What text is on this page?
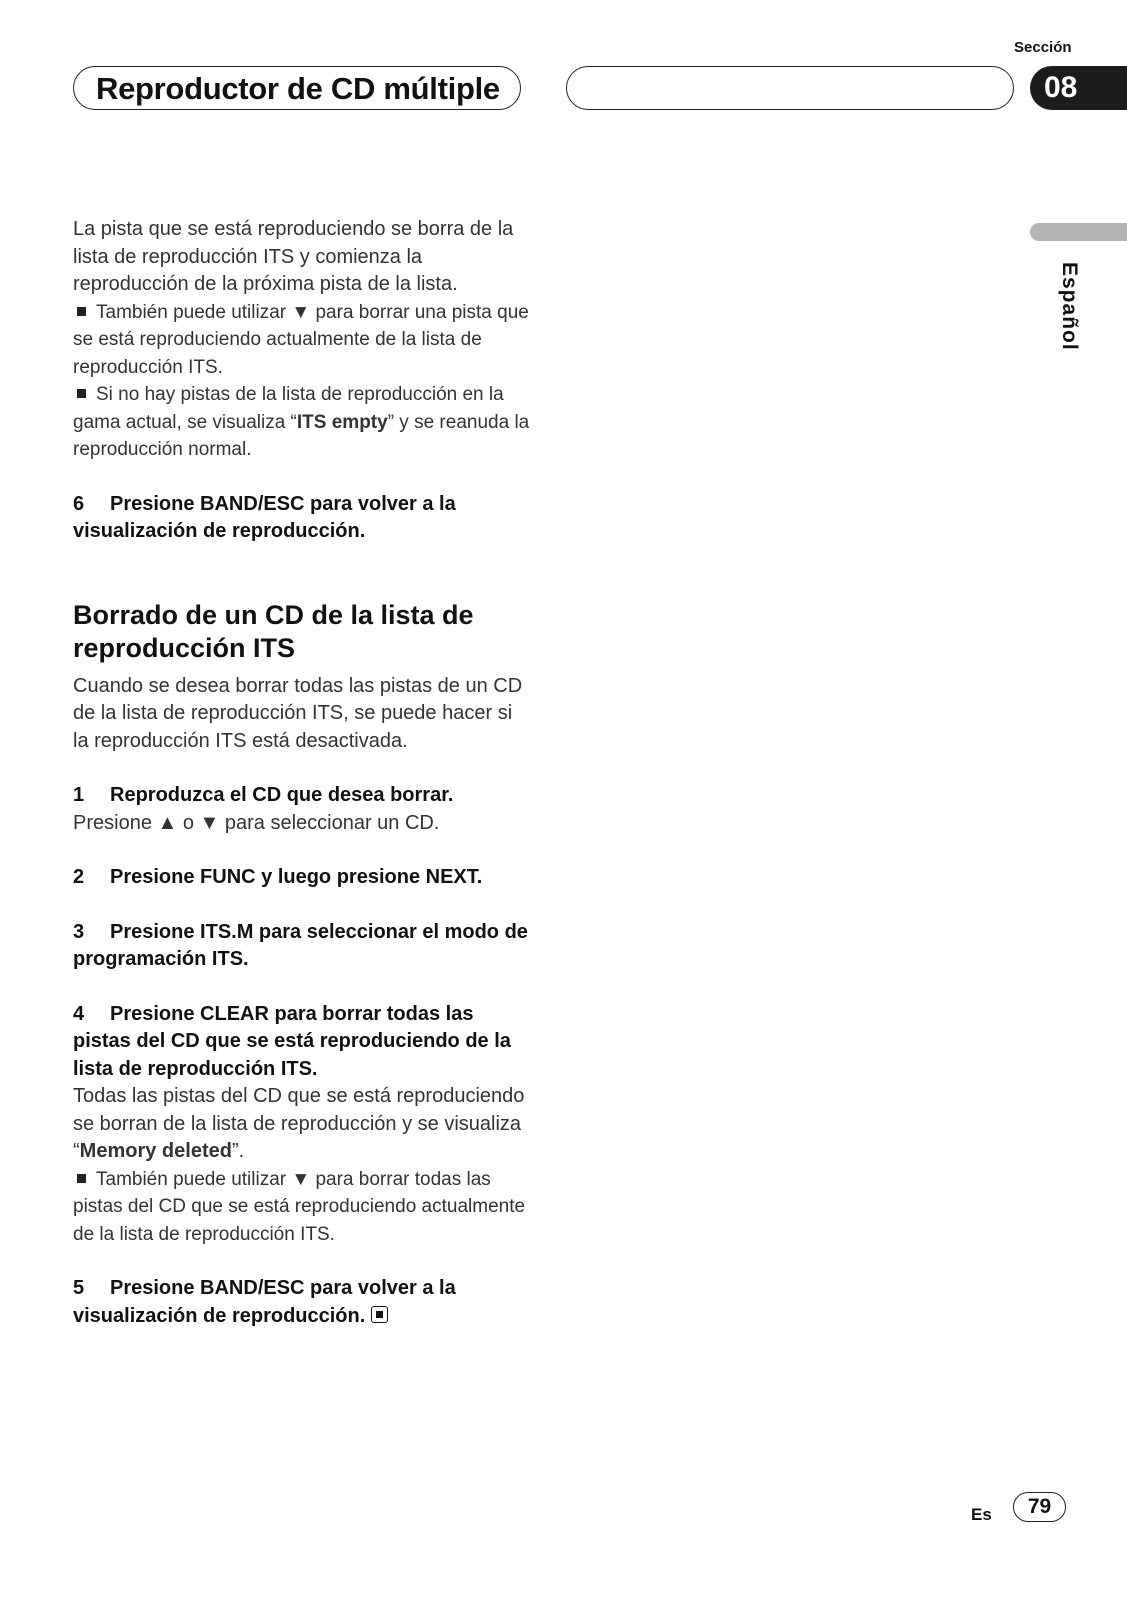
Reproductor de CD múltiple
Sección
08
Español

La pista que se está reproduciendo se borra de la lista de reproducción ITS y comienza la reproducción de la próxima pista de la lista.

También puede utilizar ▼ para borrar una pista que se está reproduciendo actualmente de la lista de reproducción ITS.

Si no hay pistas de la lista de reproducción en la gama actual, se visualiza “ITS empty” y se reanuda la reproducción normal.

6 Presione BAND/ESC para volver a la visualización de reproducción.

Borrado de un CD de la lista de reproducción ITS

Cuando se desea borrar todas las pistas de un CD de la lista de reproducción ITS, se puede hacer si la reproducción ITS está desactivada.

1 Reproduzca el CD que desea borrar.

Presione ▲ o ▼ para seleccionar un CD.

2 Presione FUNC y luego presione NEXT.

3 Presione ITS.M para seleccionar el modo de programación ITS.

4 Presione CLEAR para borrar todas las pistas del CD que se está reproduciendo de la lista de reproducción ITS.

Todas las pistas del CD que se está reproduciendo se borran de la lista de reproducción y se visualiza “Memory deleted”.

También puede utilizar ▼ para borrar todas las pistas del CD que se está reproduciendo actualmente de la lista de reproducción ITS.

5 Presione BAND/ESC para volver a la visualización de reproducción.

Es	79
